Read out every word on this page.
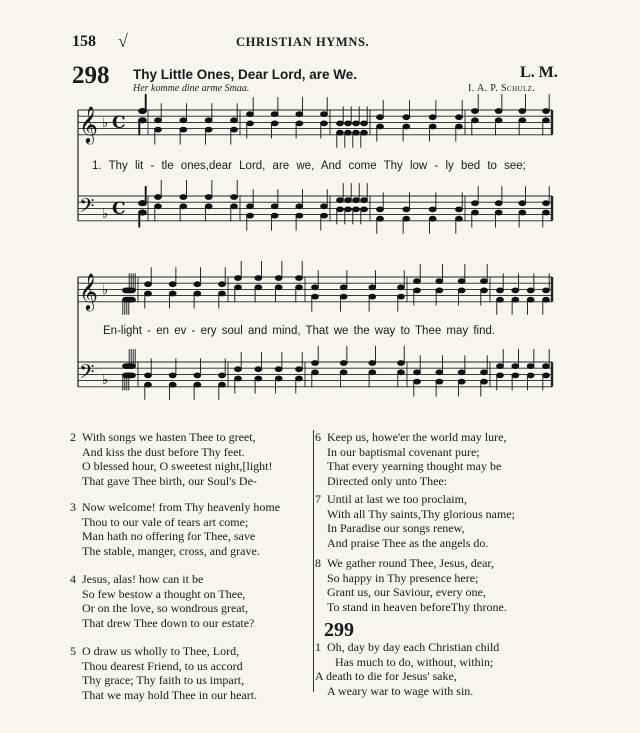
158 √	CHRISTIAN HYMNS.
298 Thy Little Ones, Dear Lord, are We.
Her komme dine arme Smaa.
L. M.
I. A. P. Schulz.
𝄞 ♭ C
𝄢 ♭ C
𝄞 ♭
𝄢 ♭
1. Thy lit - tle ones,dear Lord, are we, And come Thy low - ly bed to see;
En-light - en ev - ery soul and mind, That we the way to Thee may find.
2 With songs we hasten Thee to greet,
And kiss the dust before Thy feet.
O blessed hour, O sweetest night,[light!
That gave Thee birth, our Soul's De-
3 Now welcome! from Thy heavenly home
Thou to our vale of tears art come;
Man hath no offering for Thee, save
The stable, manger, cross, and grave.
4 Jesus, alas! how can it be
So few bestow a thought on Thee,
Or on the love, so wondrous great,
That drew Thee down to our estate?
5 O draw us wholly to Thee, Lord,
Thou dearest Friend, to us accord
Thy grace; Thy faith to us impart,
That we may hold Thee in our heart.
6 Keep us, howe'er the world may lure,
In our baptismal covenant pure;
That every yearning thought may be
Directed only unto Thee:
7 Until at last we too proclaim,
With all Thy saints,Thy glorious name;
In Paradise our songs renew,
And praise Thee as the angels do.
8 We gather round Thee, Jesus, dear,
So happy in Thy presence here;
Grant us, our Saviour, every one,
To stand in heaven beforeThy throne.
299
1 Oh, day by day each Christian child
Has much to do, without, within;
A death to die for Jesus' sake,
A weary war to wage with sin.
